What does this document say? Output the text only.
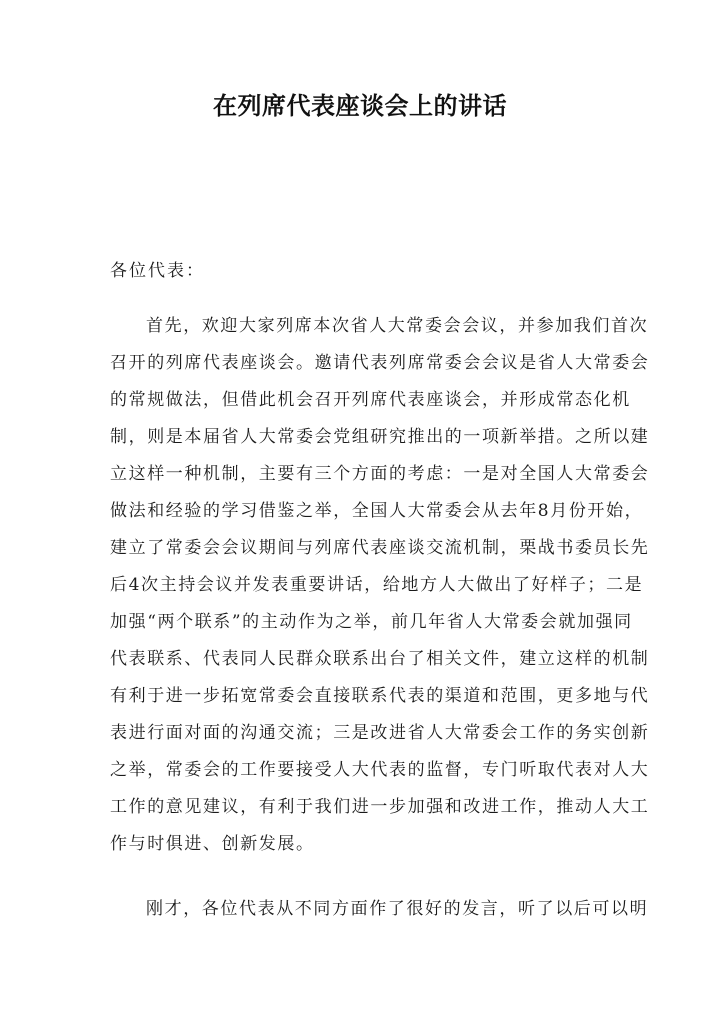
在列席代表座谈会上的讲话

各位代表：

首先，欢迎大家列席本次省人大常委会会议，并参加我们首次
召开的列席代表座谈会。邀请代表列席常委会会议是省人大常委会
的常规做法，但借此机会召开列席代表座谈会，并形成常态化机
制，则是本届省人大常委会党组研究推出的一项新举措。之所以建
立这样一种机制，主要有三个方面的考虑：一是对全国人大常委会
做法和经验的学习借鉴之举，全国人大常委会从去年8月份开始，
建立了常委会会议期间与列席代表座谈交流机制，栗战书委员长先
后4次主持会议并发表重要讲话，给地方人大做出了好样子；二是
加强“两个联系”的主动作为之举，前几年省人大常委会就加强同
代表联系、代表同人民群众联系出台了相关文件，建立这样的机制
有利于进一步拓宽常委会直接联系代表的渠道和范围，更多地与代
表进行面对面的沟通交流；三是改进省人大常委会工作的务实创新
之举，常委会的工作要接受人大代表的监督，专门听取代表对人大
工作的意见建议，有利于我们进一步加强和改进工作，推动人大工
作与时俱进、创新发展。
刚才，各位代表从不同方面作了很好的发言，听了以后可以明
